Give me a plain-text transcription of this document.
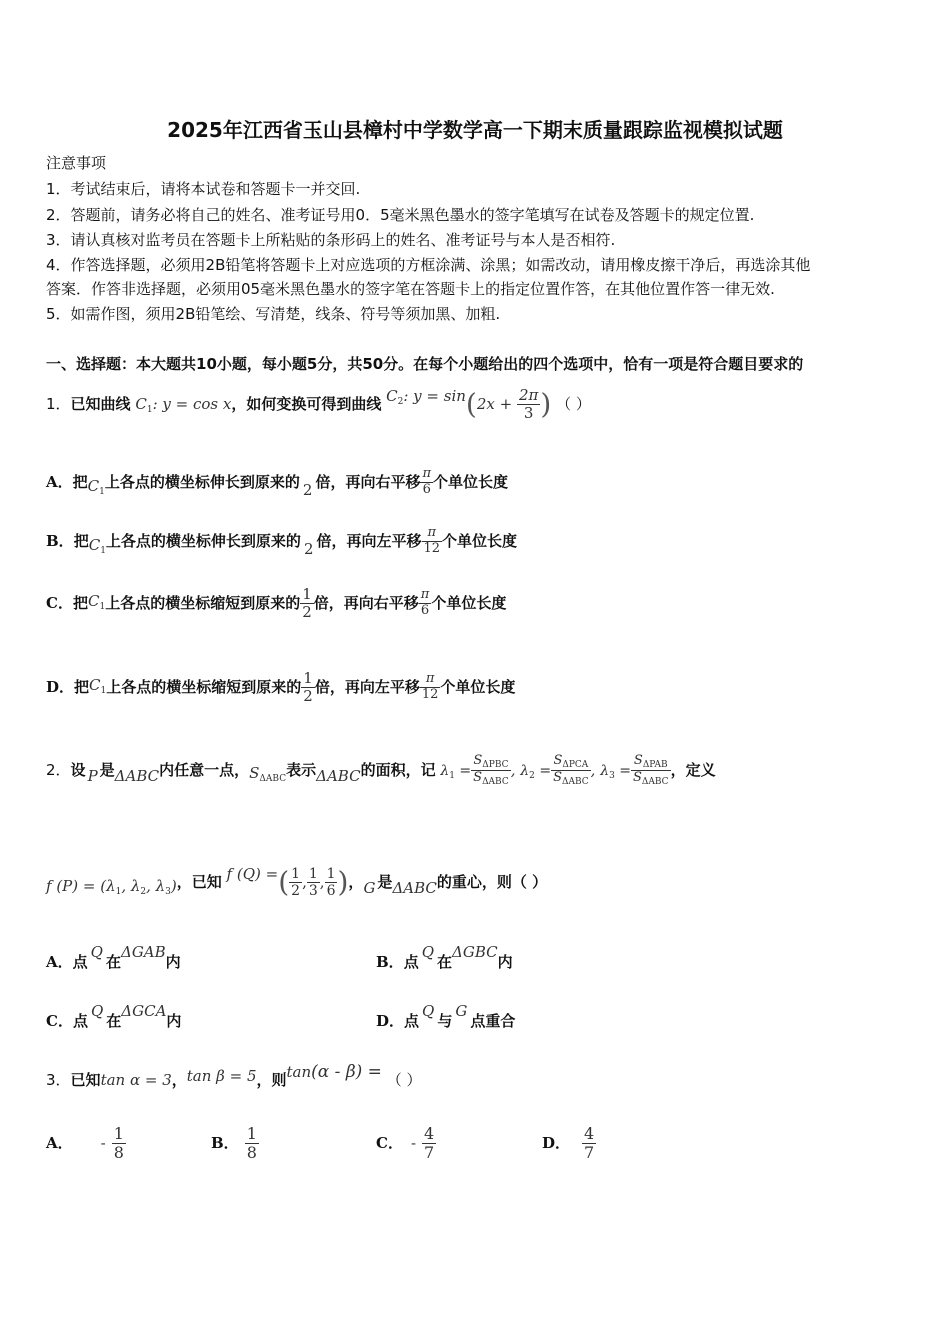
2025年江西省玉山县樟村中学数学高一下期末质量跟踪监视模拟试题
注意事项
1．考试结束后，请将本试卷和答题卡一并交回.
2．答题前，请务必将自己的姓名、准考证号用0．5毫米黑色墨水的签字笔填写在试卷及答题卡的规定位置.
3．请认真核对监考员在答题卡上所粘贴的条形码上的姓名、准考证号与本人是否相符.
4．作答选择题，必须用2B铅笔将答题卡上对应选项的方框涂满、涂黑；如需改动，请用橡皮擦干净后，再选涂其他
答案．作答非选择题，必须用05毫米黑色墨水的签字笔在答题卡上的指定位置作答，在其他位置作答一律无效.
5．如需作图，须用2B铅笔绘、写清楚，线条、符号等须加黑、加粗.
一、选择题：本大题共10小题，每小题5分，共50分。在每个小题给出的四个选项中，恰有一项是符合题目要求的
1．已知曲线 $C_1$: y = cos x，如何变换可得到曲线 $C_2$: $y = \sin(2x + \frac{2\pi}{3}$ ) （ ）
A．把$C_1$上各点的横坐标伸长到原来的 2 倍，再向右平移 $\frac{\pi}{6}$ 个单位长度
B．把$C_1$上各点的横坐标伸长到原来的 2 倍，再向左平移 $\frac{\pi}{12}$ 个单位长度
C．把$C_1$上各点的横坐标缩短到原来的 $\frac{1}{2}$ 倍，再向右平移 $\frac{\pi}{6}$ 个单位长度
D．把$C_1$上各点的横坐标缩短到原来的 $\frac{1}{2}$ 倍，再向左平移 $\frac{\pi}{12}$ 个单位长度
2．设 P 是ΔABC内任意一点，$S_{\Delta ABC}$表示ΔABC的面积，记 $\lambda_1 = \frac{S_{\Delta PBC}}{S_{\Delta ABC}}$ , $\lambda_2 = \frac{S_{\Delta PCA}}{S_{\Delta ABC}}$ , $\lambda_3 = \frac{S_{\Delta PAB}}{S_{\Delta ABC}}$ ，定义
f $(P) = (\lambda_1$, $\lambda_2$, $\lambda_3$)，已知 f (Q) =( $\frac{1}{2}$ , $\frac{1}{3}$ , $\frac{1}{6}$ )，G 是ΔABC的重心，则（ ）
A．点Q在ΔGAB内	B．点Q在ΔGBC内
C．点Q在ΔGCA内	D．点Q与G点重合
3．已知tan α = 3，tan β = 5，则tan(α - β) = （ ）
A． - $\frac{1}{8}$	B． $\frac{1}{8}$	C． - $\frac{4}{7}$	D． $\frac{4}{7}$
